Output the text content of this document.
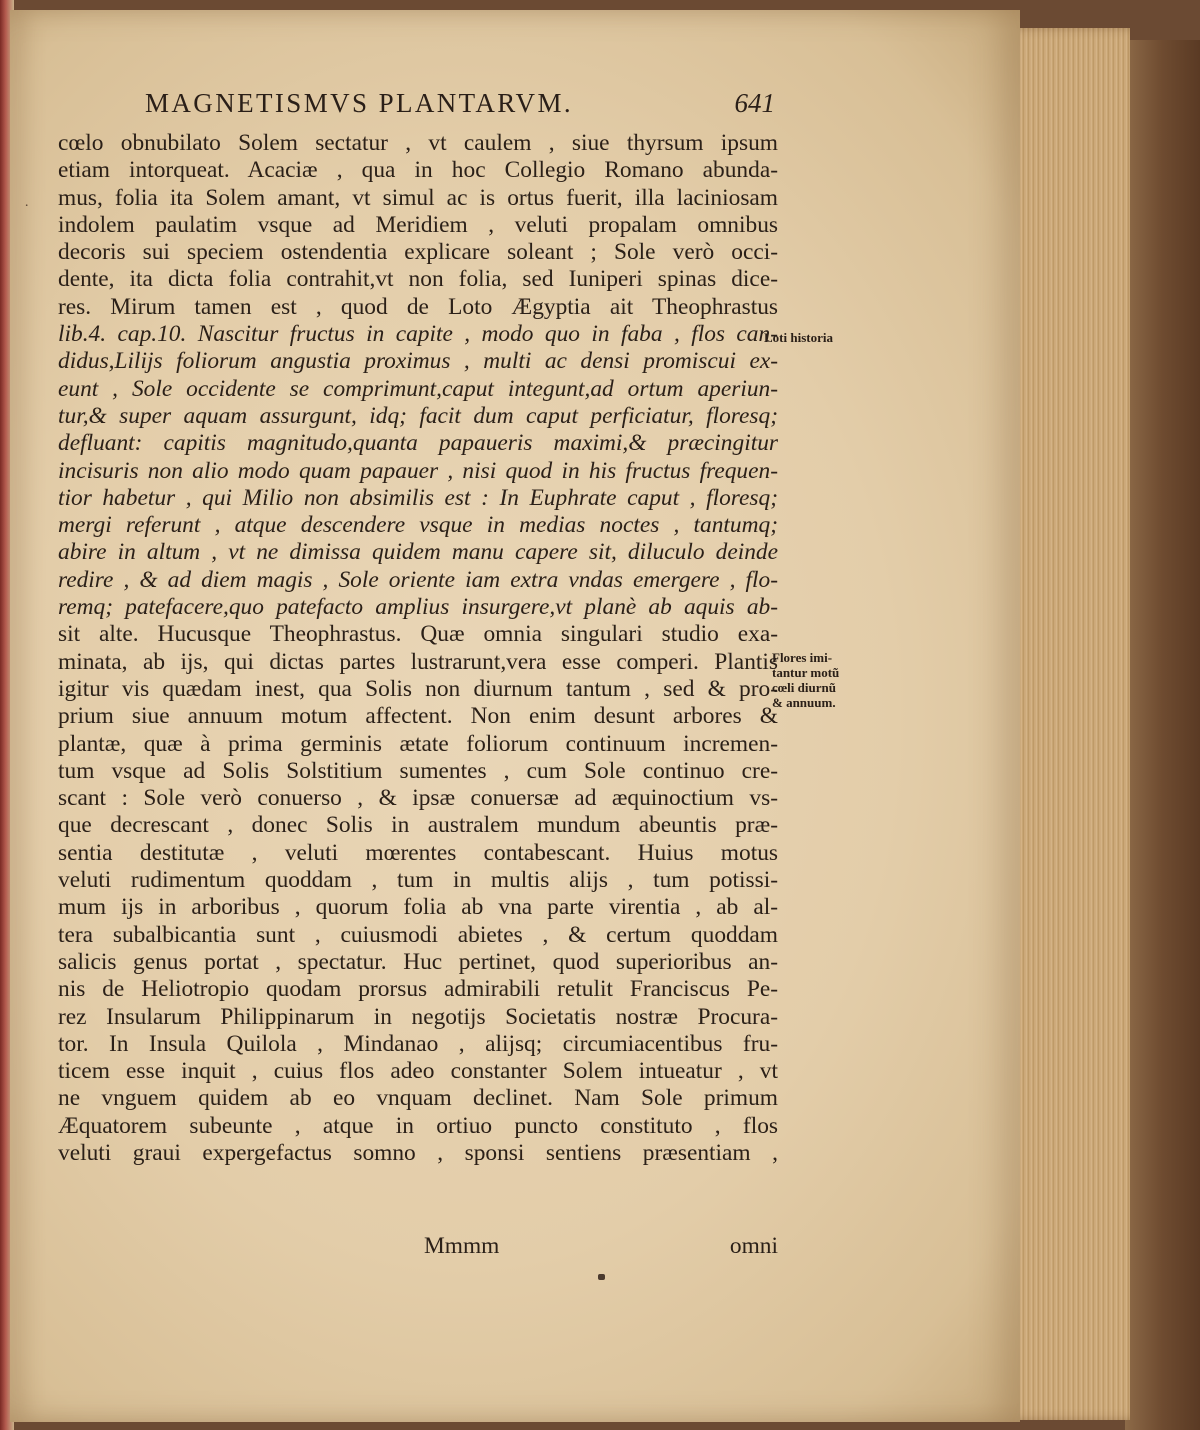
˙
MAGNETISMVS PLANTARVM.	641
cœlo obnubilato Solem sectatur , vt caulem , siue thyrsum ipsum
etiam intorqueat. Acaciæ , qua in hoc Collegio Romano abunda-
mus, folia ita Solem amant, vt simul ac is ortus fuerit, illa laciniosam
indolem paulatim vsque ad Meridiem , veluti propalam omnibus
decoris sui speciem ostendentia explicare soleant ; Sole verò occi-
dente, ita dicta folia contrahit,vt non folia, sed Iuniperi spinas dice-
res. Mirum tamen est , quod de Loto Ægyptia ait Theophrastus
lib.4. cap.10. Nascitur fructus in capite , modo quo in faba , flos can-
didus,Lilijs foliorum angustia proximus , multi ac densi promiscui ex-
eunt , Sole occidente se comprimunt,caput integunt,ad ortum aperiun-
tur,& super aquam assurgunt, idq; facit dum caput perficiatur, floresq;
defluant: capitis magnitudo,quanta papaueris maximi,& præcingitur
incisuris non alio modo quam papauer , nisi quod in his fructus frequen-
tior habetur , qui Milio non absimilis est : In Euphrate caput , floresq;
mergi referunt , atque descendere vsque in medias noctes , tantumq;
abire in altum , vt ne dimissa quidem manu capere sit, diluculo deinde
redire , & ad diem magis , Sole oriente iam extra vndas emergere , flo-
remq; patefacere,quo patefacto amplius insurgere,vt planè ab aquis ab-
sit alte. Hucusque Theophrastus. Quæ omnia singulari studio exa-
minata, ab ijs, qui dictas partes lustrarunt,vera esse comperi. Plantis
igitur vis quædam inest, qua Solis non diurnum tantum , sed & pro-
prium siue annuum motum affectent. Non enim desunt arbores &
plantæ, quæ à prima germinis ætate foliorum continuum incremen-
tum vsque ad Solis Solstitium sumentes , cum Sole continuo cre-
scant : Sole verò conuerso , & ipsæ conuersæ ad æquinoctium vs-
que decrescant , donec Solis in australem mundum abeuntis præ-
sentia destitutæ , veluti mœrentes contabescant. Huius motus
veluti rudimentum quoddam , tum in multis alijs , tum potissi-
mum ijs in arboribus , quorum folia ab vna parte virentia , ab al-
tera subalbicantia sunt , cuiusmodi abietes , & certum quoddam
salicis genus portat , spectatur. Huc pertinet, quod superioribus an-
nis de Heliotropio quodam prorsus admirabili retulit Franciscus Pe-
rez Insularum Philippinarum in negotijs Societatis nostræ Procura-
tor. In Insula Quilola , Mindanao , alijsq; circumiacentibus fru-
ticem esse inquit , cuius flos adeo constanter Solem intueatur , vt
ne vnguem quidem ab eo vnquam declinet. Nam Sole primum
Æquatorem subeunte , atque in ortiuo puncto constituto , flos
veluti graui expergefactus somno , sponsi sentiens præsentiam ,
Loti historia
Flores imi-
tantur motũ
cœli diurnũ
& annuum.
Mmmm	omni
